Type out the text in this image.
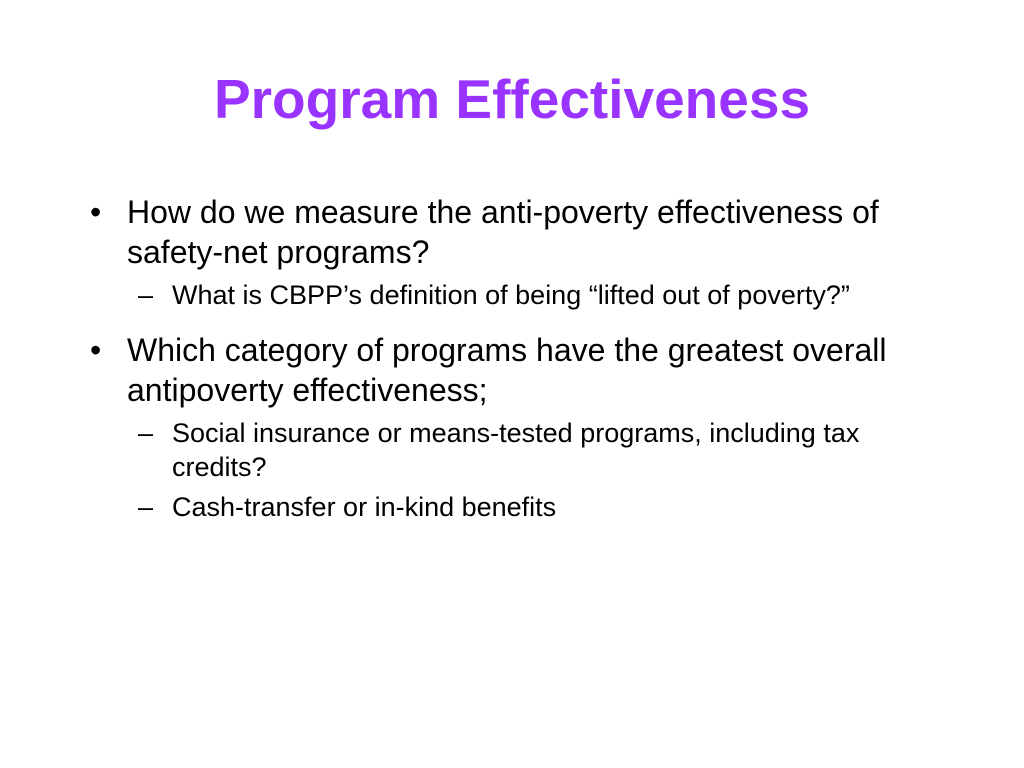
Program Effectiveness
• How do we measure the anti-poverty effectiveness of safety-net programs?
– What is CBPP’s definition of being “lifted out of poverty?”
• Which category of programs have the greatest overall antipoverty effectiveness;
– Social insurance or means-tested programs, including tax credits?
– Cash-transfer or in-kind benefits
